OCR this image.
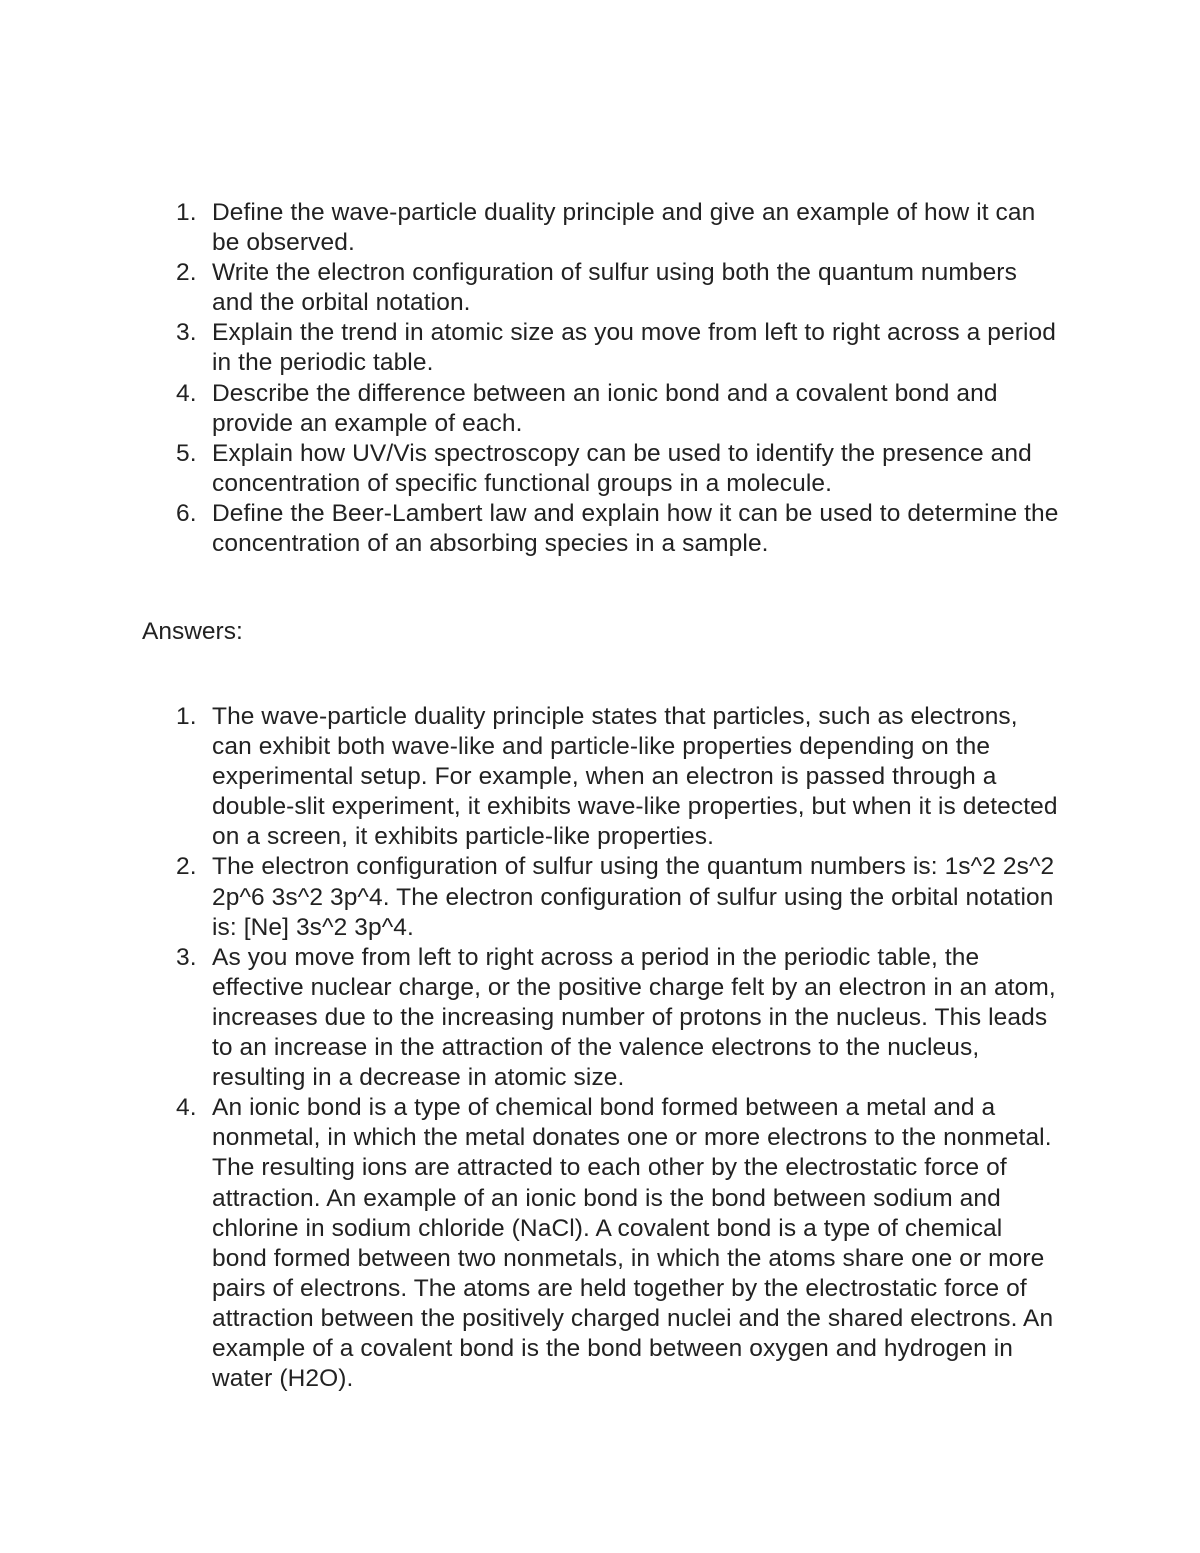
1. Define the wave-particle duality principle and give an example of how it can be observed.
2. Write the electron configuration of sulfur using both the quantum numbers and the orbital notation.
3. Explain the trend in atomic size as you move from left to right across a period in the periodic table.
4. Describe the difference between an ionic bond and a covalent bond and provide an example of each.
5. Explain how UV/Vis spectroscopy can be used to identify the presence and concentration of specific functional groups in a molecule.
6. Define the Beer-Lambert law and explain how it can be used to determine the concentration of an absorbing species in a sample.
Answers:
1. The wave-particle duality principle states that particles, such as electrons, can exhibit both wave-like and particle-like properties depending on the experimental setup. For example, when an electron is passed through a double-slit experiment, it exhibits wave-like properties, but when it is detected on a screen, it exhibits particle-like properties.
2. The electron configuration of sulfur using the quantum numbers is: 1s^2 2s^2 2p^6 3s^2 3p^4. The electron configuration of sulfur using the orbital notation is: [Ne] 3s^2 3p^4.
3. As you move from left to right across a period in the periodic table, the effective nuclear charge, or the positive charge felt by an electron in an atom, increases due to the increasing number of protons in the nucleus. This leads to an increase in the attraction of the valence electrons to the nucleus, resulting in a decrease in atomic size.
4. An ionic bond is a type of chemical bond formed between a metal and a nonmetal, in which the metal donates one or more electrons to the nonmetal. The resulting ions are attracted to each other by the electrostatic force of attraction. An example of an ionic bond is the bond between sodium and chlorine in sodium chloride (NaCl). A covalent bond is a type of chemical bond formed between two nonmetals, in which the atoms share one or more pairs of electrons. The atoms are held together by the electrostatic force of attraction between the positively charged nuclei and the shared electrons. An example of a covalent bond is the bond between oxygen and hydrogen in water (H2O).
